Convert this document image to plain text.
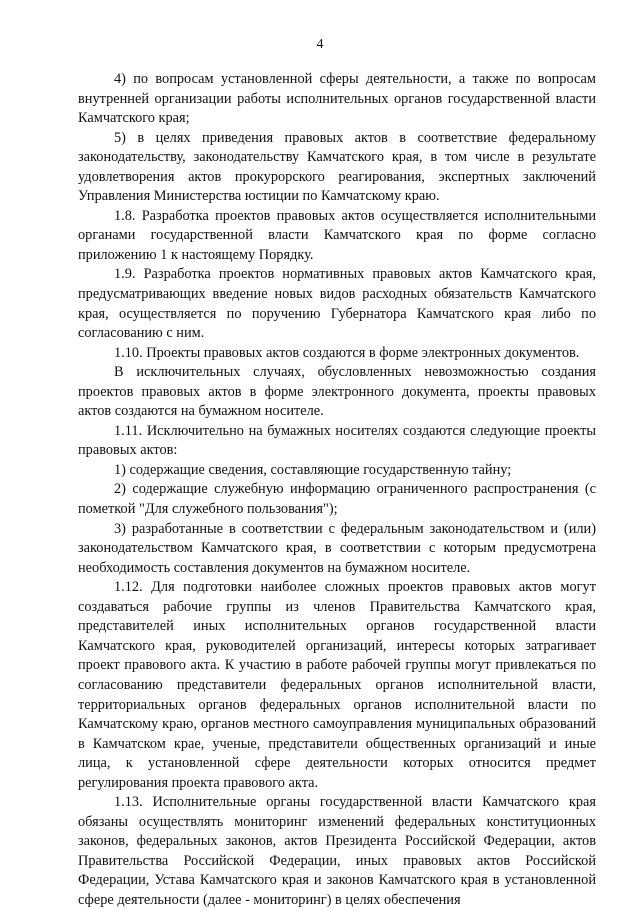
4

4) по вопросам установленной сферы деятельности, а также по вопросам внутренней организации работы исполнительных органов государственной власти Камчатского края;

5) в целях приведения правовых актов в соответствие федеральному законодательству, законодательству Камчатского края, в том числе в результате удовлетворения актов прокурорского реагирования, экспертных заключений Управления Министерства юстиции по Камчатскому краю.

1.8. Разработка проектов правовых актов осуществляется исполнительными органами государственной власти Камчатского края по форме согласно приложению 1 к настоящему Порядку.

1.9. Разработка проектов нормативных правовых актов Камчатского края, предусматривающих введение новых видов расходных обязательств Камчатского края, осуществляется по поручению Губернатора Камчатского края либо по согласованию с ним.

1.10. Проекты правовых актов создаются в форме электронных документов.

В исключительных случаях, обусловленных невозможностью создания проектов правовых актов в форме электронного документа, проекты правовых актов создаются на бумажном носителе.

1.11. Исключительно на бумажных носителях создаются следующие проекты правовых актов:

1) содержащие сведения, составляющие государственную тайну;

2) содержащие служебную информацию ограниченного распространения (с пометкой "Для служебного пользования");

3) разработанные в соответствии с федеральным законодательством и (или) законодательством Камчатского края, в соответствии с которым предусмотрена необходимость составления документов на бумажном носителе.

1.12. Для подготовки наиболее сложных проектов правовых актов могут создаваться рабочие группы из членов Правительства Камчатского края, представителей иных исполнительных органов государственной власти Камчатского края, руководителей организаций, интересы которых затрагивает проект правового акта. К участию в работе рабочей группы могут привлекаться по согласованию представители федеральных органов исполнительной власти, территориальных органов федеральных органов исполнительной власти по Камчатскому краю, органов местного самоуправления муниципальных образований в Камчатском крае, ученые, представители общественных организаций и иные лица, к установленной сфере деятельности которых относится предмет регулирования проекта правового акта.

1.13. Исполнительные органы государственной власти Камчатского края обязаны осуществлять мониторинг изменений федеральных конституционных законов, федеральных законов, актов Президента Российской Федерации, актов Правительства Российской Федерации, иных правовых актов Российской Федерации, Устава Камчатского края и законов Камчатского края в установленной сфере деятельности (далее - мониторинг) в целях обеспечения
